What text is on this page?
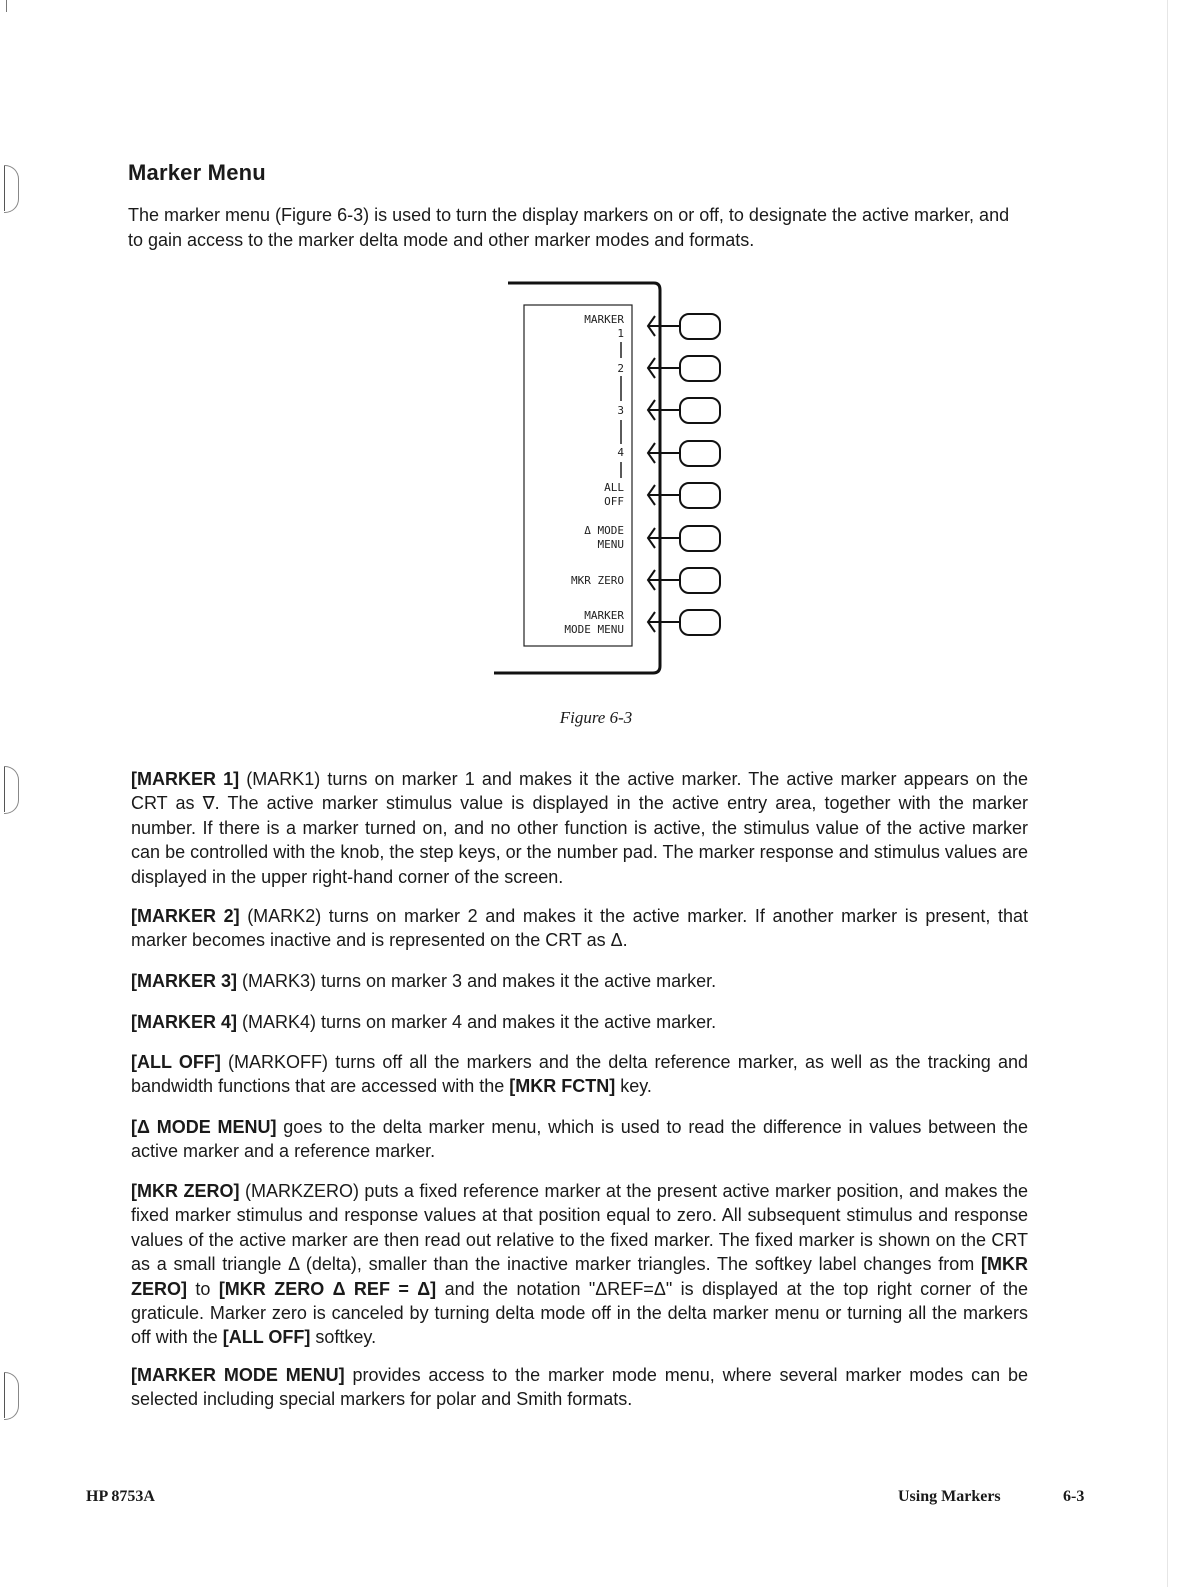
Marker Menu

The marker menu (Figure 6-3) is used to turn the display markers on or off, to designate the active marker, and to gain access to the marker delta mode and other marker modes and formats.

MARKER
1
2
3
4
ALL
OFF
Δ MODE
MENU
MKR ZERO
MARKER
MODE MENU

Figure 6-3

[MARKER 1] (MARK1) turns on marker 1 and makes it the active marker. The active marker appears on the CRT as ∇. The active marker stimulus value is displayed in the active entry area, together with the marker number. If there is a marker turned on, and no other function is active, the stimulus value of the active marker can be controlled with the knob, the step keys, or the number pad. The marker response and stimulus values are displayed in the upper right-hand corner of the screen.

[MARKER 2] (MARK2) turns on marker 2 and makes it the active marker. If another marker is present, that marker becomes inactive and is represented on the CRT as Δ.

[MARKER 3] (MARK3) turns on marker 3 and makes it the active marker.

[MARKER 4] (MARK4) turns on marker 4 and makes it the active marker.

[ALL OFF] (MARKOFF) turns off all the markers and the delta reference marker, as well as the tracking and bandwidth functions that are accessed with the [MKR FCTN] key.

[Δ MODE MENU] goes to the delta marker menu, which is used to read the difference in values between the active marker and a reference marker.

[MKR ZERO] (MARKZERO) puts a fixed reference marker at the present active marker position, and makes the fixed marker stimulus and response values at that position equal to zero. All subsequent stimulus and response values of the active marker are then read out relative to the fixed marker. The fixed marker is shown on the CRT as a small triangle Δ (delta), smaller than the inactive marker triangles. The softkey label changes from [MKR ZERO] to [MKR ZERO Δ REF = Δ] and the notation "ΔREF=Δ" is displayed at the top right corner of the graticule. Marker zero is canceled by turning delta mode off in the delta marker menu or turning all the markers off with the [ALL OFF] softkey.

[MARKER MODE MENU] provides access to the marker mode menu, where several marker modes can be selected including special markers for polar and Smith formats.

HP 8753A	Using Markers	6-3
